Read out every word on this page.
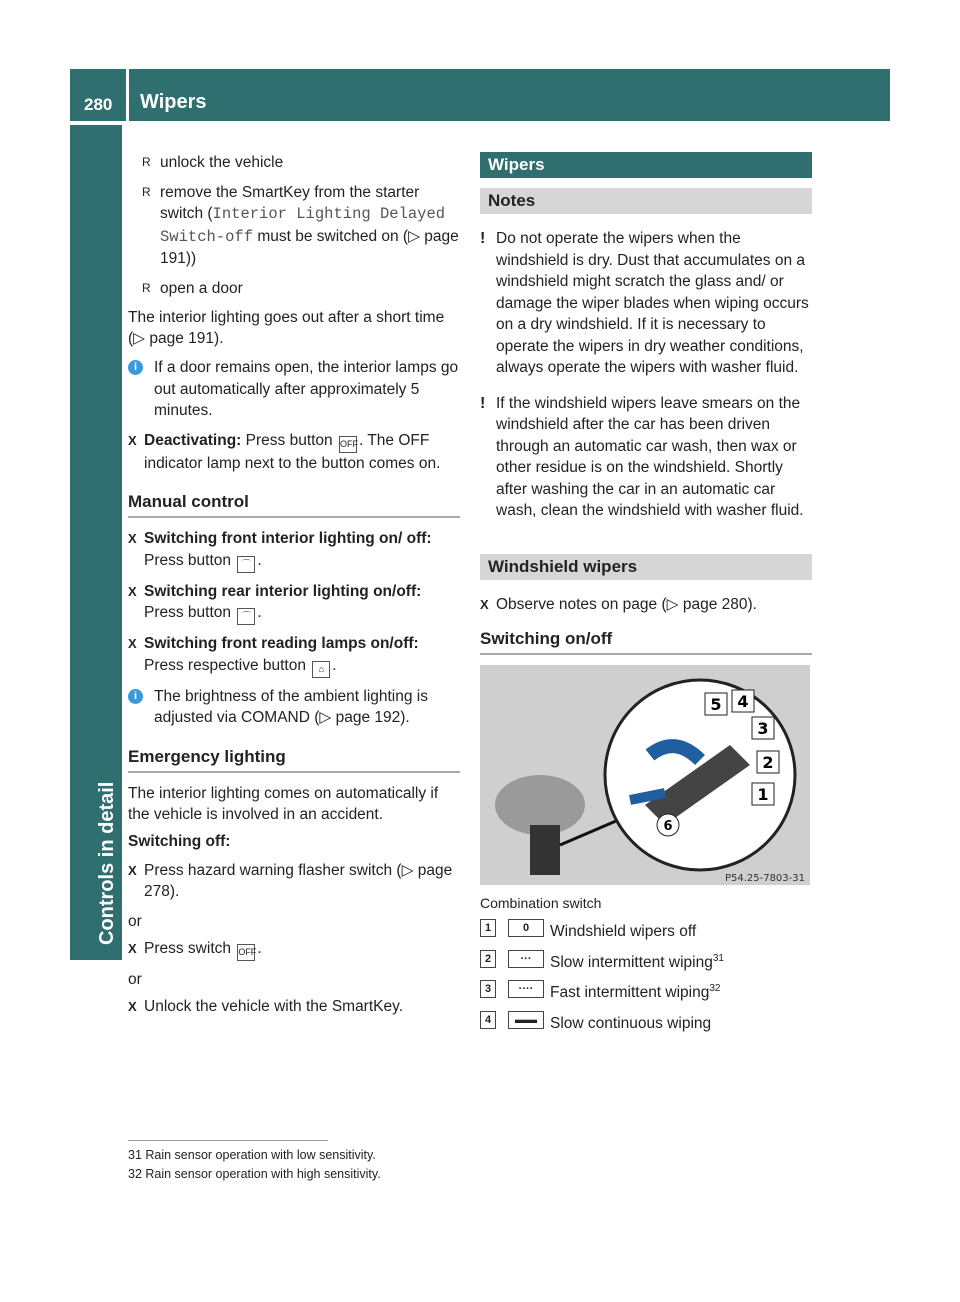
280 Wipers
Controls in detail
R unlock the vehicle
R remove the SmartKey from the starter switch (Interior Lighting Delayed Switch-off must be switched on (▷ page 191))
R open a door

The interior lighting goes out after a short time (▷ page 191).

i	If a door remains open, the interior lamps go out automatically after approximately 5 minutes.
X Deactivating: Press button OFF. The OFF indicator lamp next to the button comes on.
Manual control
X Switching front interior lighting on/ off: Press button ⌒ .
X Switching rear interior lighting on/off: Press button ⌒ .
X Switching front reading lamps on/off: Press respective button ⌂ .
i	The brightness of the ambient lighting is adjusted via COMAND (▷ page 192).
Emergency lighting

The interior lighting comes on automatically if the vehicle is involved in an accident.

Switching off:

X Press hazard warning flasher switch (▷ page 278).

or

X Press switch OFF.

or

X Unlock the vehicle with the SmartKey.
Wipers
Notes
! Do not operate the wipers when the windshield is dry. Dust that accumulates on a windshield might scratch the glass and/ or damage the wiper blades when wiping occurs on a dry windshield. If it is necessary to operate the wipers in dry weather conditions, always operate the wipers with washer fluid.
! If the windshield wipers leave smears on the windshield after the car has been driven through an automatic car wash, then wax or other residue is on the windshield. Shortly after washing the car in an automatic car wash, clean the windshield with washer fluid.
Windshield wipers
X Observe notes on page (▷ page 280).
Switching on/off
5 4
3
2
1
6
P54.25-7803-31
Combination switch
1	0	Windshield wipers off
2	···	Slow intermittent wiping$^{31}$
3	····	Fast intermittent wiping$^{32}$
4	▬▬ Slow continuous wiping
31 Rain sensor operation with low sensitivity.
32 Rain sensor operation with high sensitivity.
